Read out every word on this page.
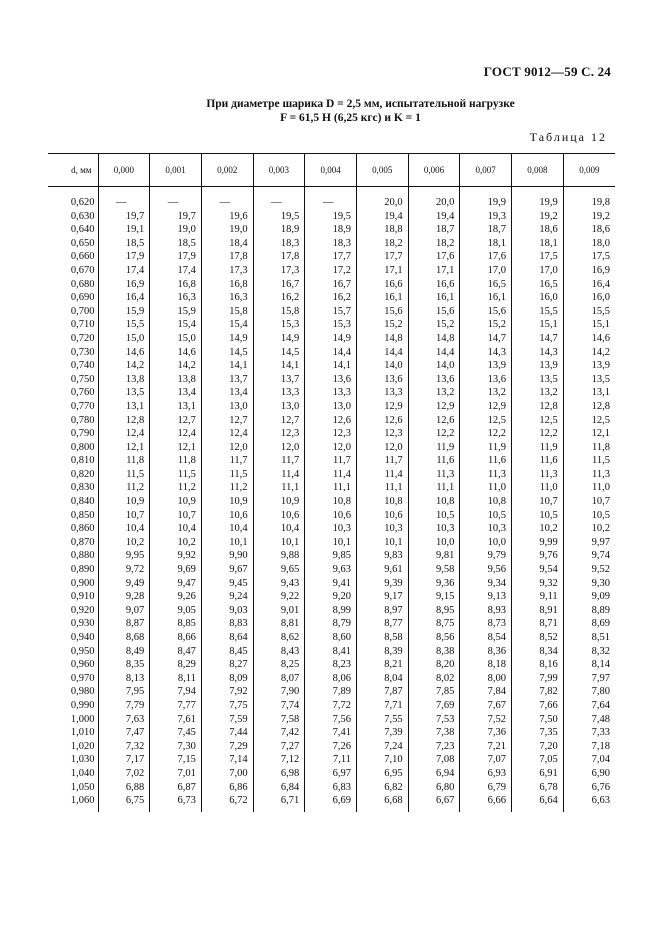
ГОСТ 9012—59 С. 24
При диаметре шарика D = 2,5 мм, испытательной нагрузке
F = 61,5 Н (6,25 кгс) и K = 1
Таблица 12
d, мм	0,000	0,001	0,002	0,003	0,004	0,005	0,006	0,007	0,008	0,009
0,620	—	—	—	—	—	20,0	20,0	19,9	19,9	19,8
0,630	19,7	19,7	19,6	19,5	19,5	19,4	19,4	19,3	19,2	19,2
0,640	19,1	19,0	19,0	18,9	18,9	18,8	18,7	18,7	18,6	18,6
0,650	18,5	18,5	18,4	18,3	18,3	18,2	18,2	18,1	18,1	18,0
0,660	17,9	17,9	17,8	17,8	17,7	17,7	17,6	17,6	17,5	17,5
0,670	17,4	17,4	17,3	17,3	17,2	17,1	17,1	17,0	17,0	16,9
0,680	16,9	16,8	16,8	16,7	16,7	16,6	16,6	16,5	16,5	16,4
0,690	16,4	16,3	16,3	16,2	16,2	16,1	16,1	16,1	16,0	16,0
0,700	15,9	15,9	15,8	15,8	15,7	15,6	15,6	15,6	15,5	15,5
0,710	15,5	15,4	15,4	15,3	15,3	15,2	15,2	15,2	15,1	15,1
0,720	15,0	15,0	14,9	14,9	14,9	14,8	14,8	14,7	14,7	14,6
0,730	14,6	14,6	14,5	14,5	14,4	14,4	14,4	14,3	14,3	14,2
0,740	14,2	14,2	14,1	14,1	14,1	14,0	14,0	13,9	13,9	13,9
0,750	13,8	13,8	13,7	13,7	13,6	13,6	13,6	13,6	13,5	13,5
0,760	13,5	13,4	13,4	13,3	13,3	13,3	13,2	13,2	13,2	13,1
0,770	13,1	13,1	13,0	13,0	13,0	12,9	12,9	12,9	12,8	12,8
0,780	12,8	12,7	12,7	12,7	12,6	12,6	12,6	12,5	12,5	12,5
0,790	12,4	12,4	12,4	12,3	12,3	12,3	12,2	12,2	12,2	12,1
0,800	12,1	12,1	12,0	12,0	12,0	12,0	11,9	11,9	11,9	11,8
0,810	11,8	11,8	11,7	11,7	11,7	11,7	11,6	11,6	11,6	11,5
0,820	11,5	11,5	11,5	11,4	11,4	11,4	11,3	11,3	11,3	11,3
0,830	11,2	11,2	11,2	11,1	11,1	11,1	11,1	11,0	11,0	11,0
0,840	10,9	10,9	10,9	10,9	10,8	10,8	10,8	10,8	10,7	10,7
0,850	10,7	10,7	10,6	10,6	10,6	10,6	10,5	10,5	10,5	10,5
0,860	10,4	10,4	10,4	10,4	10,3	10,3	10,3	10,3	10,2	10,2
0,870	10,2	10,2	10,1	10,1	10,1	10,1	10,0	10,0	9,99	9,97
0,880	9,95	9,92	9,90	9,88	9,85	9,83	9,81	9,79	9,76	9,74
0,890	9,72	9,69	9,67	9,65	9,63	9,61	9,58	9,56	9,54	9,52
0,900	9,49	9,47	9,45	9,43	9,41	9,39	9,36	9,34	9,32	9,30
0,910	9,28	9,26	9,24	9,22	9,20	9,17	9,15	9,13	9,11	9,09
0,920	9,07	9,05	9,03	9,01	8,99	8,97	8,95	8,93	8,91	8,89
0,930	8,87	8,85	8,83	8,81	8,79	8,77	8,75	8,73	8,71	8,69
0,940	8,68	8,66	8,64	8,62	8,60	8,58	8,56	8,54	8,52	8,51
0,950	8,49	8,47	8,45	8,43	8,41	8,39	8,38	8,36	8,34	8,32
0,960	8,35	8,29	8,27	8,25	8,23	8,21	8,20	8,18	8,16	8,14
0,970	8,13	8,11	8,09	8,07	8,06	8,04	8,02	8,00	7,99	7,97
0,980	7,95	7,94	7,92	7,90	7,89	7,87	7,85	7,84	7,82	7,80
0,990	7,79	7,77	7,75	7,74	7,72	7,71	7,69	7,67	7,66	7,64
1,000	7,63	7,61	7,59	7,58	7,56	7,55	7,53	7,52	7,50	7,48
1,010	7,47	7,45	7,44	7,42	7,41	7,39	7,38	7,36	7,35	7,33
1,020	7,32	7,30	7,29	7,27	7,26	7,24	7,23	7,21	7,20	7,18
1,030	7,17	7,15	7,14	7,12	7,11	7,10	7,08	7,07	7,05	7,04
1,040	7,02	7,01	7,00	6,98	6,97	6,95	6,94	6,93	6,91	6,90
1,050	6,88	6,87	6,86	6,84	6,83	6,82	6,80	6,79	6,78	6,76
1,060	6,75	6,73	6,72	6,71	6,69	6,68	6,67	6,66	6,64	6,63
